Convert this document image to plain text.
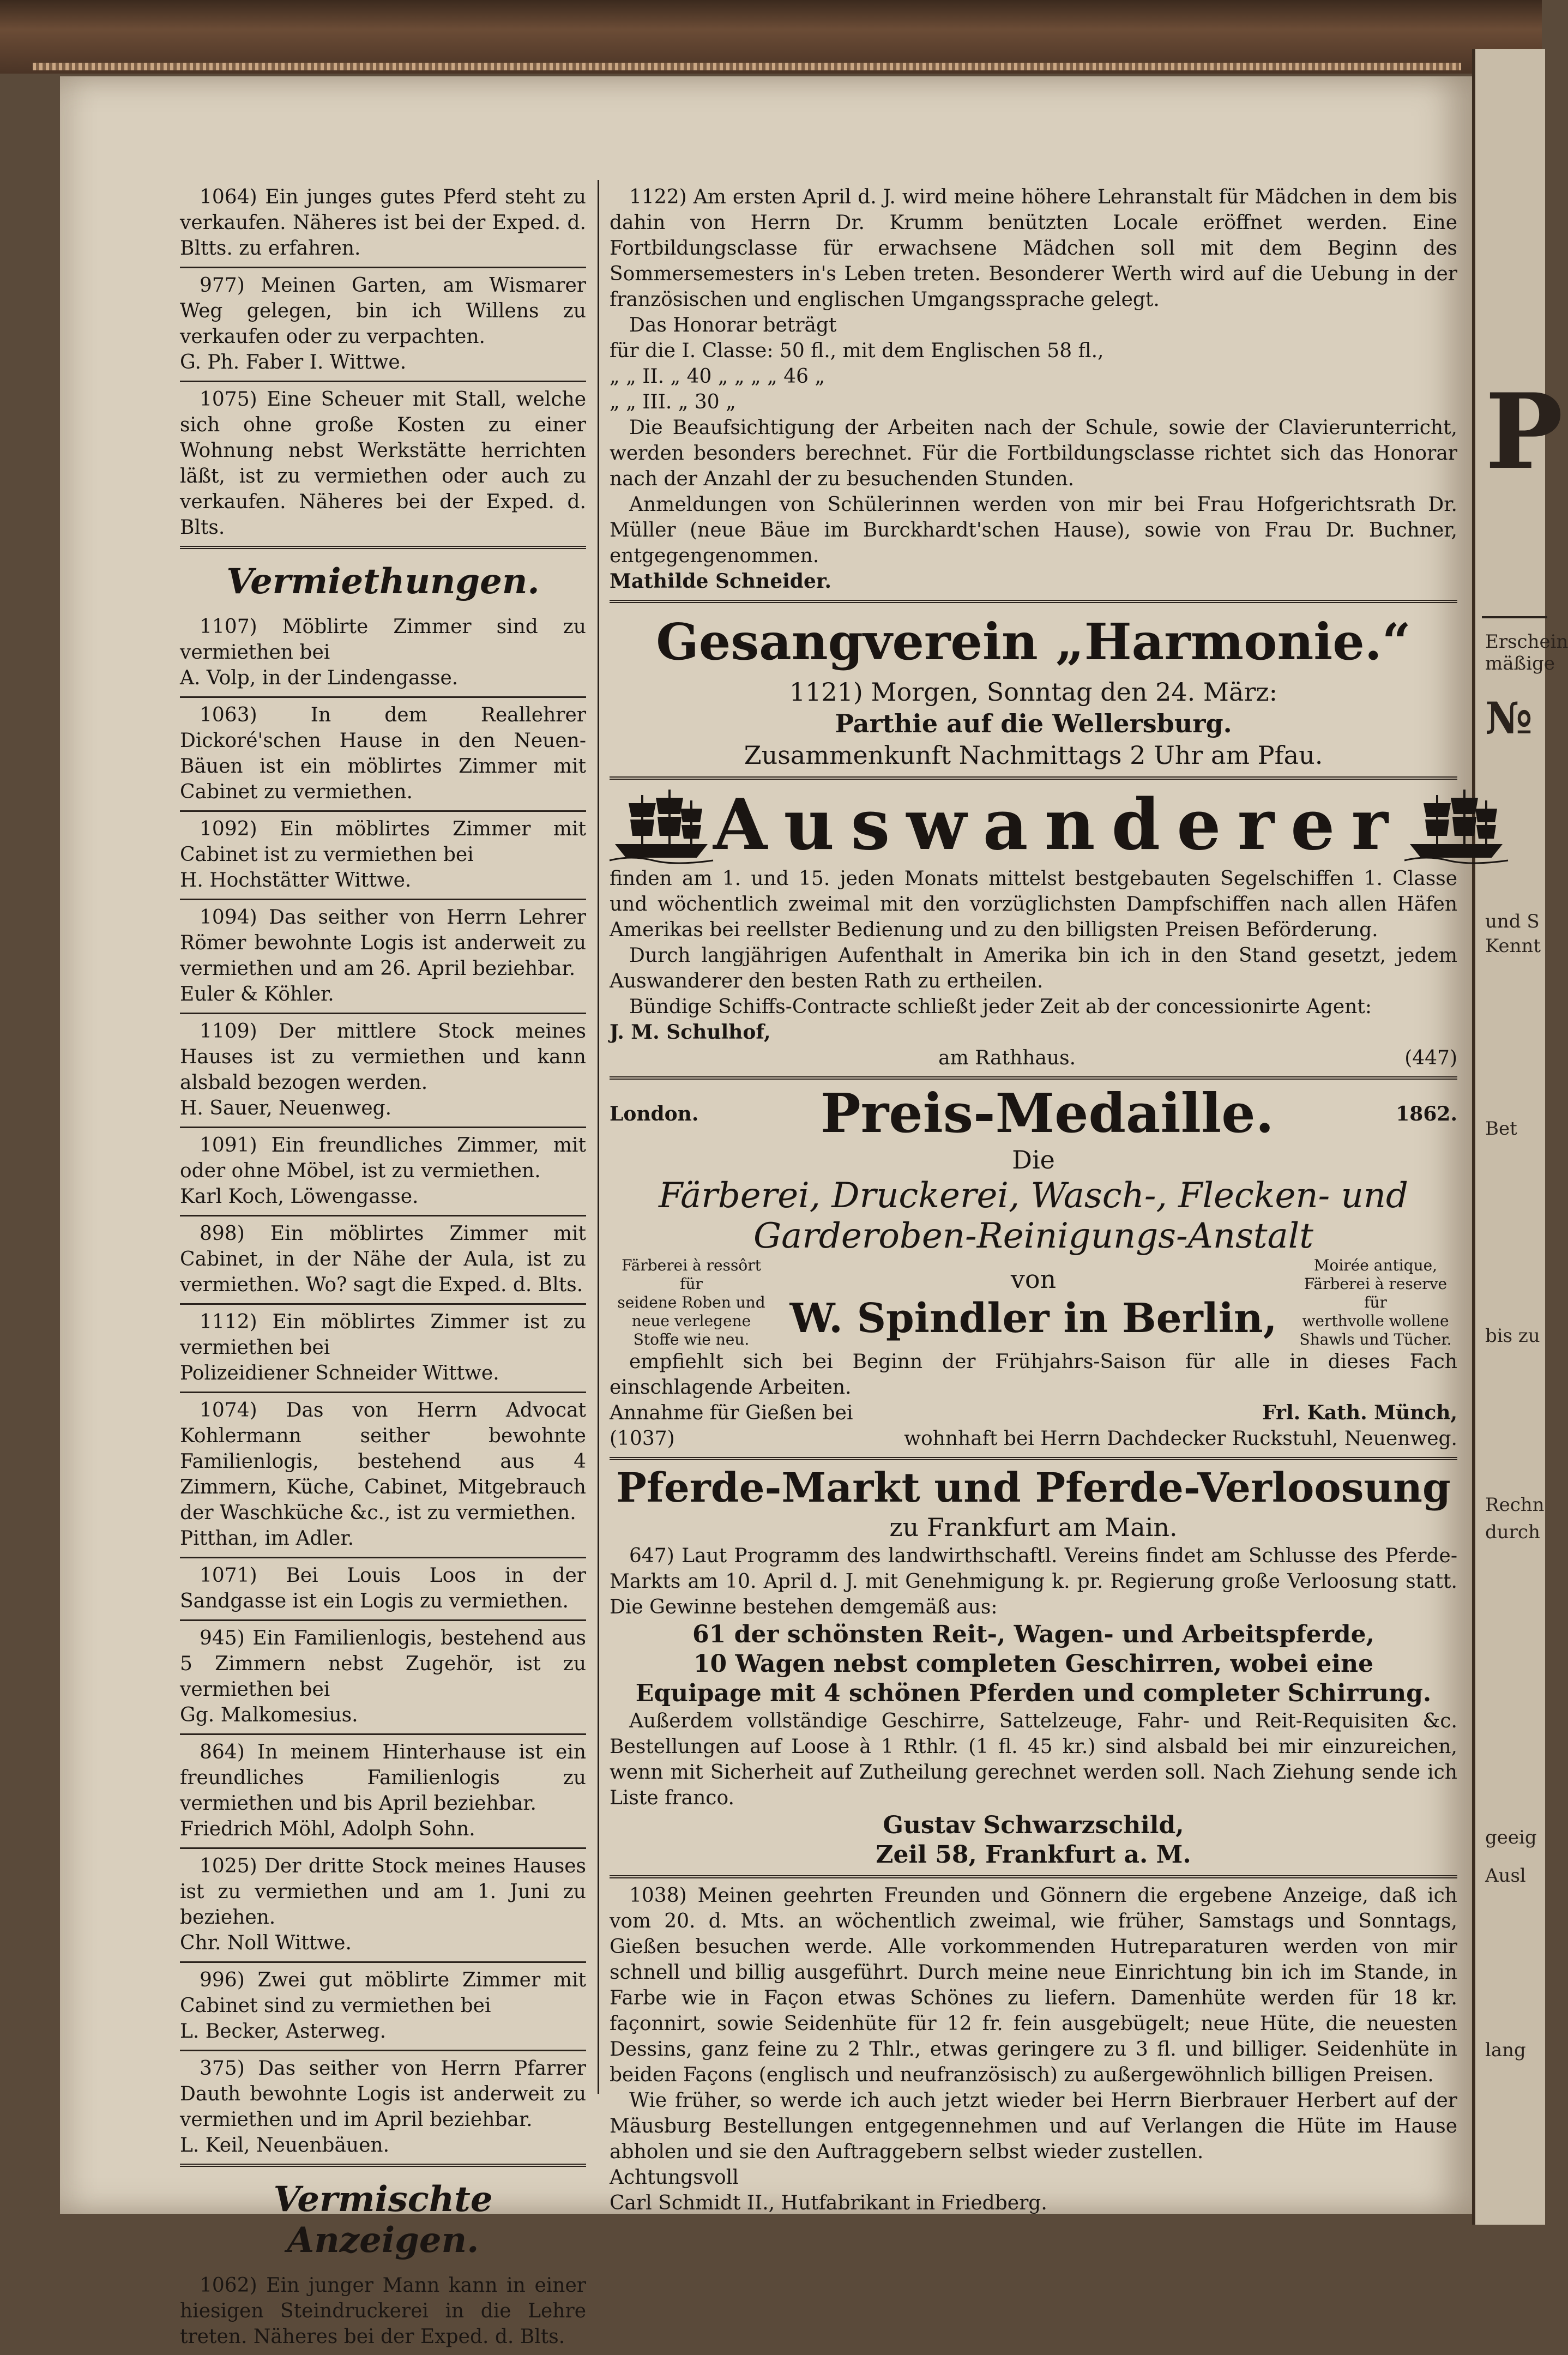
P
Erschein
mäßige
№
und S
Kennt
Bet
bis zu
Rechn
durch
geeig
Ausl
lang

1064) Ein junges gutes Pferd steht zu verkaufen. Näheres ist bei der Exped. d. Bltts. zu erfahren.

977) Meinen Garten, am Wismarer Weg gelegen, bin ich Willens zu verkaufen oder zu verpachten.

G. Ph. Faber I. Wittwe.

1075) Eine Scheuer mit Stall, welche sich ohne große Kosten zu einer Wohnung nebst Werkstätte herrichten läßt, ist zu vermiethen oder auch zu verkaufen. Näheres bei der Exped. d. Blts.

Vermiethungen.

1107) Möblirte Zimmer sind zu vermiethen bei

A. Volp, in der Lindengasse.

1063) In dem Reallehrer Dickoré'schen Hause in den Neuen-Bäuen ist ein möblirtes Zimmer mit Cabinet zu vermiethen.

1092) Ein möblirtes Zimmer mit Cabinet ist zu vermiethen bei

H. Hochstätter Wittwe.

1094) Das seither von Herrn Lehrer Römer bewohnte Logis ist anderweit zu vermiethen und am 26. April beziehbar.

Euler & Köhler.

1109) Der mittlere Stock meines Hauses ist zu vermiethen und kann alsbald bezogen werden.

H. Sauer, Neuenweg.

1091) Ein freundliches Zimmer, mit oder ohne Möbel, ist zu vermiethen.

Karl Koch, Löwengasse.

898) Ein möblirtes Zimmer mit Cabinet, in der Nähe der Aula, ist zu vermiethen. Wo? sagt die Exped. d. Blts.

1112) Ein möblirtes Zimmer ist zu vermiethen bei

Polizeidiener Schneider Wittwe.

1074) Das von Herrn Advocat Kohlermann seither bewohnte Familienlogis, bestehend aus 4 Zimmern, Küche, Cabinet, Mitgebrauch der Waschküche &c., ist zu vermiethen.

Pitthan, im Adler.

1071) Bei Louis Loos in der Sandgasse ist ein Logis zu vermiethen.

945) Ein Familienlogis, bestehend aus 5 Zimmern nebst Zugehör, ist zu vermiethen bei

Gg. Malkomesius.

864) In meinem Hinterhause ist ein freundliches Familienlogis zu vermiethen und bis April beziehbar.

Friedrich Möhl, Adolph Sohn.

1025) Der dritte Stock meines Hauses ist zu vermiethen und am 1. Juni zu beziehen.

Chr. Noll Wittwe.

996) Zwei gut möblirte Zimmer mit Cabinet sind zu vermiethen bei

L. Becker, Asterweg.

375) Das seither von Herrn Pfarrer Dauth bewohnte Logis ist anderweit zu vermiethen und im April beziehbar.

L. Keil, Neuenbäuen.

Vermischte Anzeigen.

1062) Ein junger Mann kann in einer hiesigen Steindruckerei in die Lehre treten. Näheres bei der Exped. d. Blts.

1122) Am ersten April d. J. wird meine höhere Lehranstalt für Mädchen in dem bis dahin von Herrn Dr. Krumm benützten Locale eröffnet werden. Eine Fortbildungsclasse für erwachsene Mädchen soll mit dem Beginn des Sommersemesters in's Leben treten. Besonderer Werth wird auf die Uebung in der französischen und englischen Umgangssprache gelegt.

Das Honorar beträgt

für die I. Classe: 50 fl., mit dem Englischen 58 fl.,

„ „ II. „ 40 „ „ „ „ 46 „

„ „ III. „ 30 „

Die Beaufsichtigung der Arbeiten nach der Schule, sowie der Clavierunterricht, werden besonders berechnet. Für die Fortbildungsclasse richtet sich das Honorar nach der Anzahl der zu besuchenden Stunden.

Anmeldungen von Schülerinnen werden von mir bei Frau Hofgerichtsrath Dr. Müller (neue Bäue im Burckhardt'schen Hause), sowie von Frau Dr. Buchner, entgegengenommen.

Mathilde Schneider.

Gesangverein „Harmonie.“
1121) Morgen, Sonntag den 24. März:
Parthie auf die Wellersburg.
Zusammenkunft Nachmittags 2 Uhr am Pfau.
Auswanderer

finden am 1. und 15. jeden Monats mittelst bestgebauten Segelschiffen 1. Classe und wöchentlich zweimal mit den vorzüglichsten Dampfschiffen nach allen Häfen Amerikas bei reellster Bedienung und zu den billigsten Preisen Beförderung.

Durch langjährigen Aufenthalt in Amerika bin ich in den Stand gesetzt, jedem Auswanderer den besten Rath zu ertheilen.

Bündige Schiffs-Contracte schließt jeder Zeit ab der concessionirte Agent:

J. M. Schulhof,

am Rathhaus.	(447)
London. Preis-Medaille.	1862.
Die
Färberei, Druckerei, Wasch-, Flecken- und Garderoben-Reinigungs-Anstalt
Färberei à ressôrt
für
seidene Roben und neue verlegene Stoffe wie neu.
von
W. Spindler in Berlin,
Moirée antique,
Färberei à reserve
für
werthvolle wollene Shawls und Tücher.

empfiehlt sich bei Beginn der Frühjahrs-Saison für alle in dieses Fach einschlagende Arbeiten.

Annahme für Gießen bei	Frl. Kath. Münch,
(1037)	wohnhaft bei Herrn Dachdecker Ruckstuhl, Neuenweg.
Pferde-Markt und Pferde-Verloosung
zu Frankfurt am Main.

647) Laut Programm des landwirthschaftl. Vereins findet am Schlusse des Pferde-Markts am 10. April d. J. mit Genehmigung k. pr. Regierung große Verloosung statt. Die Gewinne bestehen demgemäß aus:

61 der schönsten Reit-, Wagen- und Arbeitspferde,
10 Wagen nebst completen Geschirren, wobei eine
Equipage mit 4 schönen Pferden und completer Schirrung.

Außerdem vollständige Geschirre, Sattelzeuge, Fahr- und Reit-Requisiten &c. Bestellungen auf Loose à 1 Rthlr. (1 fl. 45 kr.) sind alsbald bei mir einzureichen, wenn mit Sicherheit auf Zutheilung gerechnet werden soll. Nach Ziehung sende ich Liste franco.

Gustav Schwarzschild,
Zeil 58, Frankfurt a. M.

1038) Meinen geehrten Freunden und Gönnern die ergebene Anzeige, daß ich vom 20. d. Mts. an wöchentlich zweimal, wie früher, Samstags und Sonntags, Gießen besuchen werde. Alle vorkommenden Hutreparaturen werden von mir schnell und billig ausgeführt. Durch meine neue Einrichtung bin ich im Stande, in Farbe wie in Façon etwas Schönes zu liefern. Damenhüte werden für 18 kr. façonnirt, sowie Seidenhüte für 12 fr. fein ausgebügelt; neue Hüte, die neuesten Dessins, ganz feine zu 2 Thlr., etwas geringere zu 3 fl. und billiger. Seidenhüte in beiden Façons (englisch und neufranzösisch) zu außergewöhnlich billigen Preisen.

Wie früher, so werde ich auch jetzt wieder bei Herrn Bierbrauer Herbert auf der Mäusburg Bestellungen entgegennehmen und auf Verlangen die Hüte im Hause abholen und sie den Auftraggebern selbst wieder zustellen.

Achtungsvoll

Carl Schmidt II., Hutfabrikant in Friedberg.
